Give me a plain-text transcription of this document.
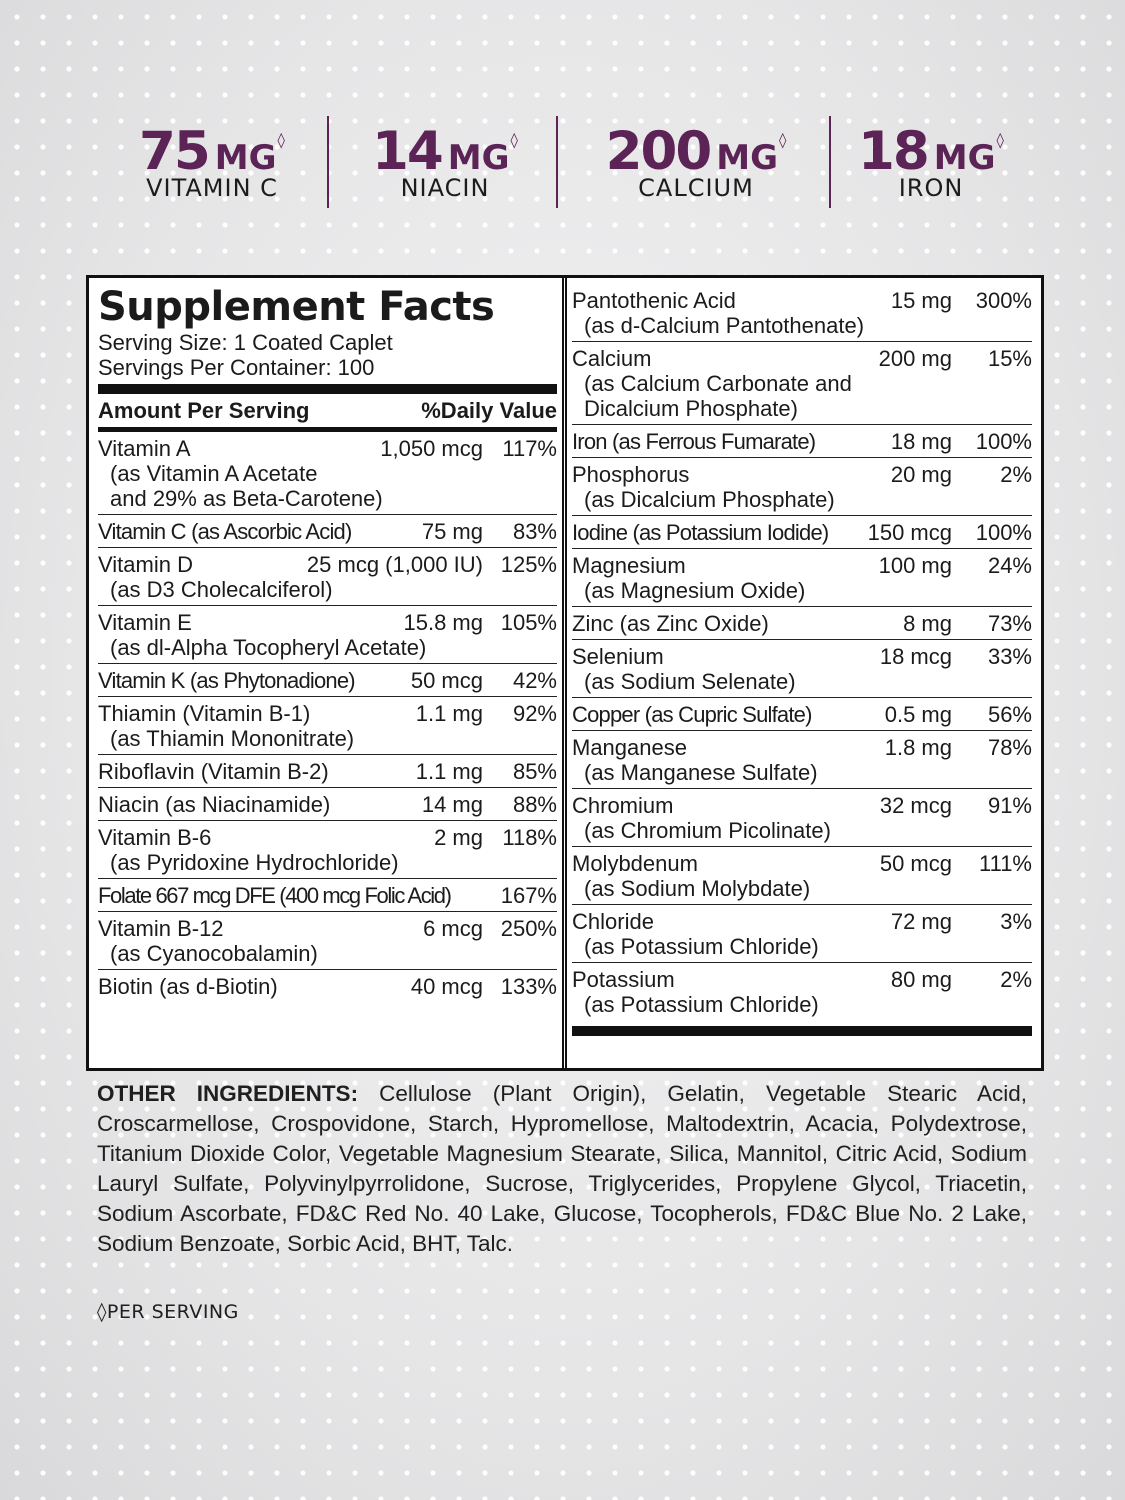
75 MG◊
VITAMIN C
14 MG◊
NIACIN
200 MG◊
CALCIUM
18 MG◊
IRON
Supplement Facts
Serving Size: 1 Coated Caplet
Servings Per Container: 100
Amount Per Serving	%Daily Value
Vitamin A	1,050 mcg 117%
(as Vitamin A Acetate
and 29% as Beta-Carotene)
Vitamin C (as Ascorbic Acid)	75 mg	83%
Vitamin D	25 mcg (1,000 IU) 125%
(as D3 Cholecalciferol)
Vitamin E	15.8 mg 105%
(as dl-Alpha Tocopheryl Acetate)
Vitamin K (as Phytonadione)	50 mcg	42%
Thiamin (Vitamin B-1)	1.1 mg	92%
(as Thiamin Mononitrate)
Riboflavin (Vitamin B-2)	1.1 mg	85%
Niacin (as Niacinamide)	14 mg	88%
Vitamin B-6	2 mg 118%
(as Pyridoxine Hydrochloride)
Folate 667 mcg DFE (400 mcg Folic Acid)	167%
Vitamin B-12	6 mcg 250%
(as Cyanocobalamin)
Biotin (as d-Biotin)	40 mcg 133%
Pantothenic Acid	15 mg	300%
(as d-Calcium Pantothenate)
Calcium	200 mg	15%
(as Calcium Carbonate and
Dicalcium Phosphate)
Iron (as Ferrous Fumarate)	18 mg	100%
Phosphorus	20 mg	2%
(as Dicalcium Phosphate)
Iodine (as Potassium Iodide)	150 mcg	100%
Magnesium	100 mg	24%
(as Magnesium Oxide)
Zinc (as Zinc Oxide)	8 mg	73%
Selenium	18 mcg	33%
(as Sodium Selenate)
Copper (as Cupric Sulfate)	0.5 mg	56%
Manganese	1.8 mg	78%
(as Manganese Sulfate)
Chromium	32 mcg	91%
(as Chromium Picolinate)
Molybdenum	50 mcg	111%
(as Sodium Molybdate)
Chloride	72 mg	3%
(as Potassium Chloride)
Potassium	80 mg	2%
(as Potassium Chloride)
OTHER INGREDIENTS: Cellulose (Plant Origin), Gelatin, Vegetable Stearic Acid, Croscarmellose, Crospovidone, Starch, Hypromellose, Maltodextrin, Acacia, Polydextrose, Titanium Dioxide Color, Vegetable Magnesium Stearate, Silica, Mannitol, Citric Acid, Sodium Lauryl Sulfate, Polyvinylpyrrolidone, Sucrose, Triglycerides, Propylene Glycol, Triacetin, Sodium Ascorbate, FD&C Red No. 40 Lake, Glucose, Tocopherols, FD&C Blue No. 2 Lake, Sodium Benzoate, Sorbic Acid, BHT, Talc.
◊PER SERVING
